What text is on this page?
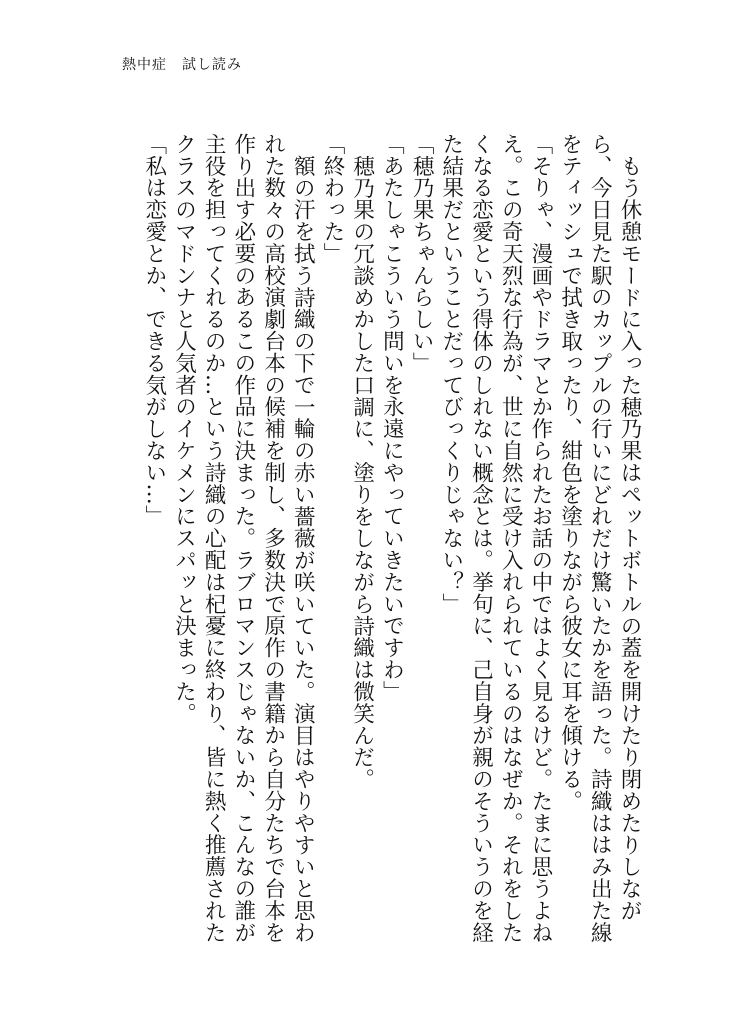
熱中症　試し読み

もう休憩モードに入った穂乃果はペットボトルの蓋を開けたり閉めたりしながら、今日見た駅のカップルの行いにどれだけ驚いたかを語った。詩織ははみ出た線をティッシュで拭き取ったり、紺色を塗りながら彼女に耳を傾ける。

「そりゃ、漫画やドラマとか作られたお話の中ではよく見るけど。たまに思うよねえ。この奇天烈な行為が、世に自然に受け入れられているのはなぜか。それをしたくなる恋愛という得体のしれない概念とは。挙句に、己自身が親のそういうのを経た結果だということだってびっくりじゃない？」

「穂乃果ちゃんらしい」

「あたしゃこういう問いを永遠にやっていきたいですわ」

穂乃果の冗談めかした口調に、塗りをしながら詩織は微笑んだ。

「終わった」

額の汗を拭う詩織の下で一輪の赤い薔薇が咲いていた。演目はやりやすいと思われた数々の高校演劇台本の候補を制し、多数決で原作の書籍から自分たちで台本を作り出す必要のあるこの作品に決まった。ラブロマンスじゃないか、こんなの誰が主役を担ってくれるのか…という詩織の心配は杞憂に終わり、皆に熱く推薦されたクラスのマドンナと人気者のイケメンにスパッと決まった。

「私は恋愛とか、できる気がしない…」
